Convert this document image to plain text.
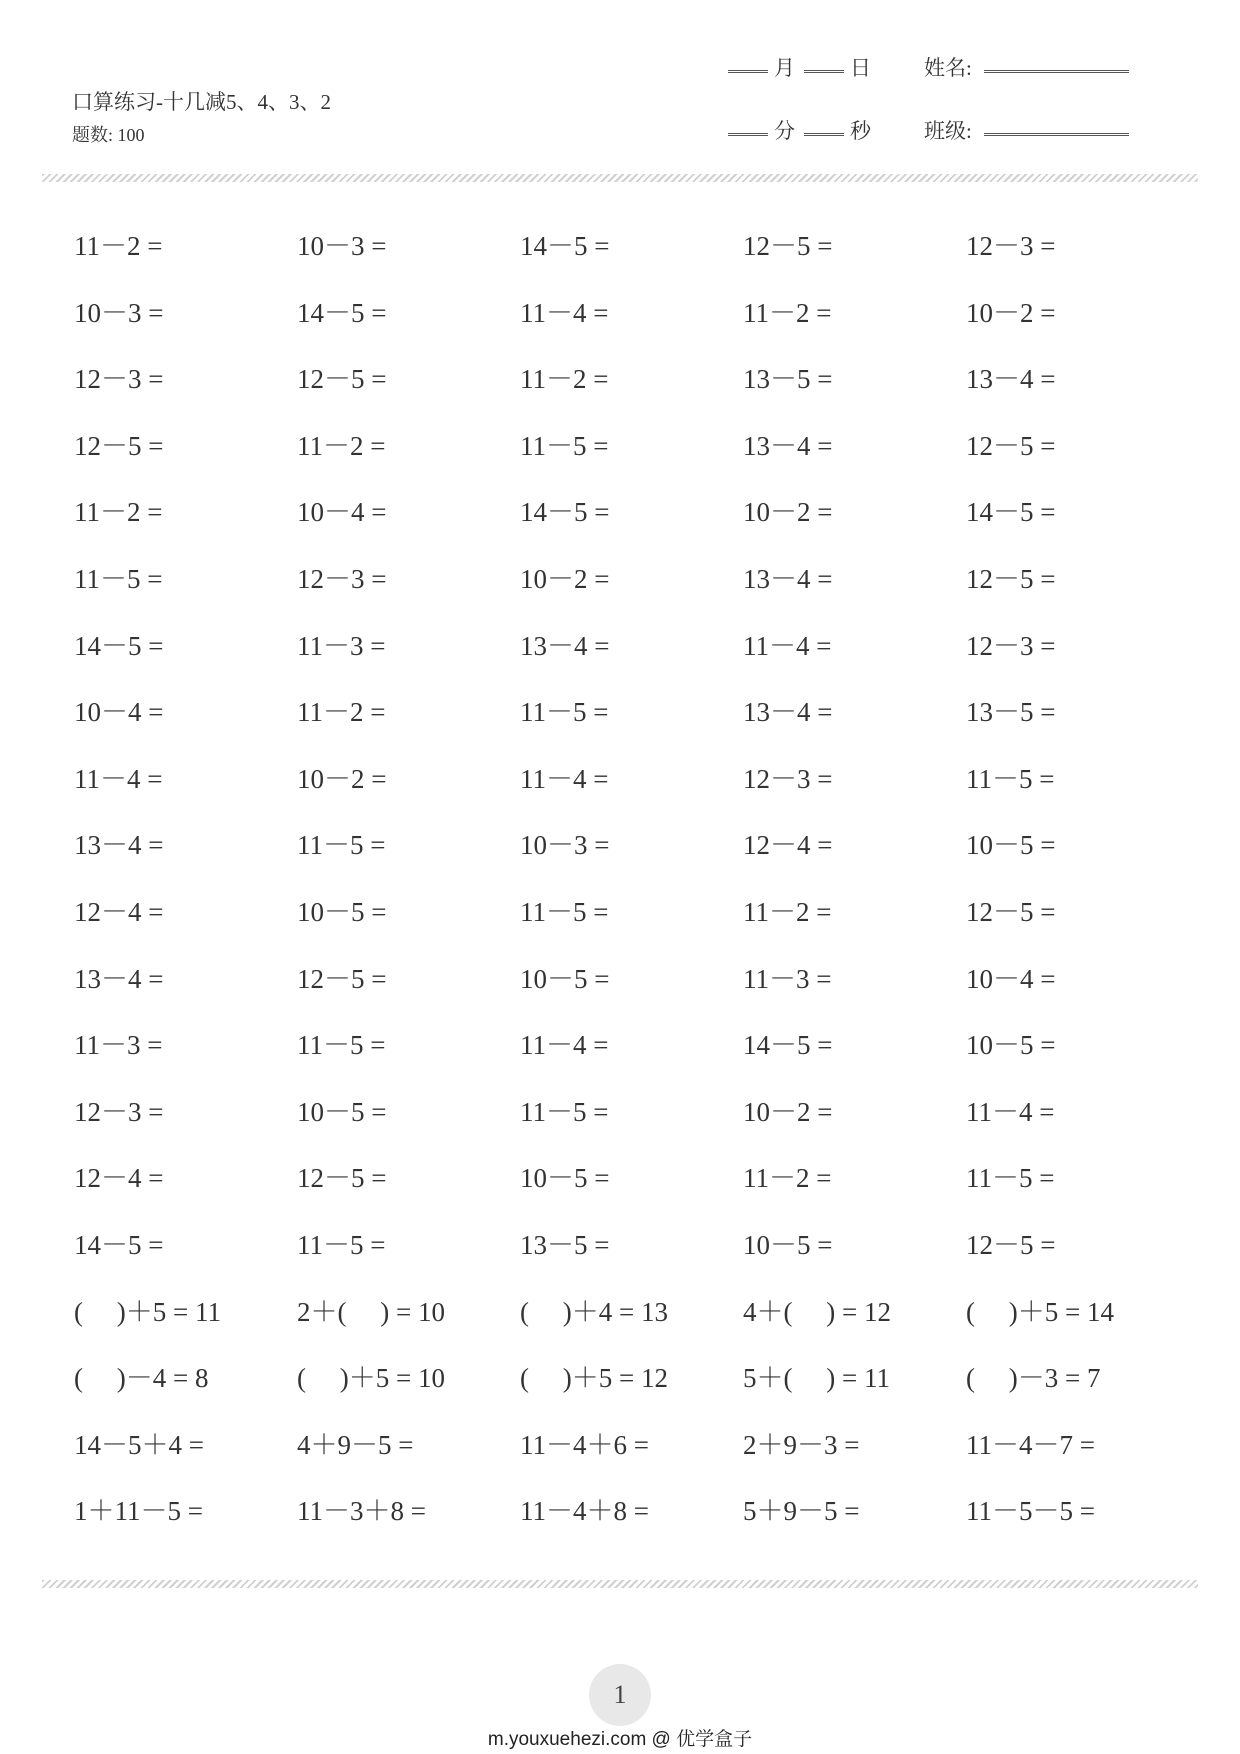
口算练习-十几减5、4、3、2
题数: 100
月	日	姓名:
分	秒	班级:
11－2 =	10－3 =	14－5 =	12－5 =	12－3 =
10－3 =	14－5 =	11－4 =	11－2 =	10－2 =
12－3 =	12－5 =	11－2 =	13－5 =	13－4 =
12－5 =	11－2 =	11－5 =	13－4 =	12－5 =
11－2 =	10－4 =	14－5 =	10－2 =	14－5 =
11－5 =	12－3 =	10－2 =	13－4 =	12－5 =
14－5 =	11－3 =	13－4 =	11－4 =	12－3 =
10－4 =	11－2 =	11－5 =	13－4 =	13－5 =
11－4 =	10－2 =	11－4 =	12－3 =	11－5 =
13－4 =	11－5 =	10－3 =	12－4 =	10－5 =
12－4 =	10－5 =	11－5 =	11－2 =	12－5 =
13－4 =	12－5 =	10－5 =	11－3 =	10－4 =
11－3 =	11－5 =	11－4 =	14－5 =	10－5 =
12－3 =	10－5 =	11－5 =	10－2 =	11－4 =
12－4 =	12－5 =	10－5 =	11－2 =	11－5 =
14－5 =	11－5 =	13－5 =	10－5 =	12－5 =
(　 )＋5 = 11	2＋(　 ) = 10	(　 )＋4 = 13	4＋(　 ) = 12	(　 )＋5 = 14
(　 )－4 = 8	(　 )＋5 = 10	(　 )＋5 = 12	5＋(　 ) = 11	(　 )－3 = 7
14－5＋4 =	4＋9－5 =	11－4＋6 =	2＋9－3 =	11－4－7 =
1＋11－5 =	11－3＋8 =	11－4＋8 =	5＋9－5 =	11－5－5 =
1
m.youxuehezi.com @ 优学盒子
